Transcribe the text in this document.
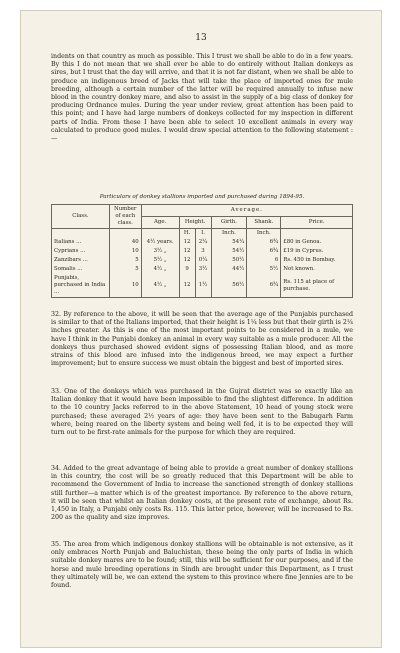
13

indents on that country as much as possible. This I trust we shall be able to do in a few years. By this I do not mean that we shall ever be able to do entirely without Italian donkeys as sires, but I trust that the day will arrive, and that it is not far distant, when we shall be able to produce an indigenous breed of Jacks that will take the place of imported ones for mule breeding, although a certain number of the latter will be required annually to infuse new blood in the country donkey mare, and also to assist in the supply of a big class of donkey for producing Ordnance mules. During the year under review, great attention has been paid to this point; and I have had large numbers of donkeys collected for my inspection in different parts of India. From these I have been able to select 10 excellent animals in every way calculated to produce good mules. I would draw special attention to the following statement :—

Particulars of donkey stallions imported and purchased during 1894-95.
Class.	Number of each class.	Average.					
		Age.	Height.		Girth.	Shank.	Price.
			H.	I.	Inch.	Inch.	
Italians ...	40	4½ years.	12	2¼	54¼	6¾	£80 in Genoa.
Cyprians ...	10	3½ „	12	3	54½	6¾	£19 in Cyprus.
Zanzibars ...	5	5½ „	12	0¼	50½	6	Rs. 450 in Bombay.
Somalis ...	5	4½ „	9	3½	44½	5½	Not known.
Punjabis, purchased in India ...	10	4½ „	12	1½	56½	6¾	Rs. 115 at place of purchase.

32. By reference to the above, it will be seen that the average age of the Punjabis purchased is similar to that of the Italians imported, that their height is 1¼ less but that their girth is 2¼ inches greater. As this is one of the most important points to be considered in a mule, we have I think in the Punjabi donkey an animal in every way suitable as a mule producer. All the donkeys thus purchased showed evident signs of possessing Italian blood, and as more strains of this blood are infused into the indigenous breed, we may expect a further improvement; but to ensure success we must obtain the biggest and best of imported sires.

33. One of the donkeys which was purchased in the Gujrat district was so exactly like an Italian donkey that it would have been impossible to find the slightest difference. In addition to the 10 country Jacks referred to in the above Statement, 10 head of young stock were purchased; these averaged 2½ years of age: they have been sent to the Babugarh Farm where, being reared on the liberty system and being well fed, it is to be expected they will turn out to be first-rate animals for the purpose for which they are required.

34. Added to the great advantage of being able to provide a great number of donkey stallions in this country, the cost will be so greatly reduced that this Department will be able to recommend the Government of India to increase the sanctioned strength of donkey stallions still further—a matter which is of the greatest importance. By reference to the above return, it will be seen that whilst an Italian donkey costs, at the present rate of exchange, about Rs. 1,450 in Italy, a Punjabi only costs Rs. 115. This latter price, however, will be increased to Rs. 200 as the quality and size improves.

35. The area from which indigenous donkey stallions will be obtainable is not extensive, as it only embraces North Punjab and Baluchistan, these being the only parts of India in which suitable donkey mares are to be found; still, this will be sufficient for our purposes, and if the horse and mule breeding operations in Sindh are brought under this Department, as I trust they ultimately will be, we can extend the system to this province where fine Jennies are to be found.
